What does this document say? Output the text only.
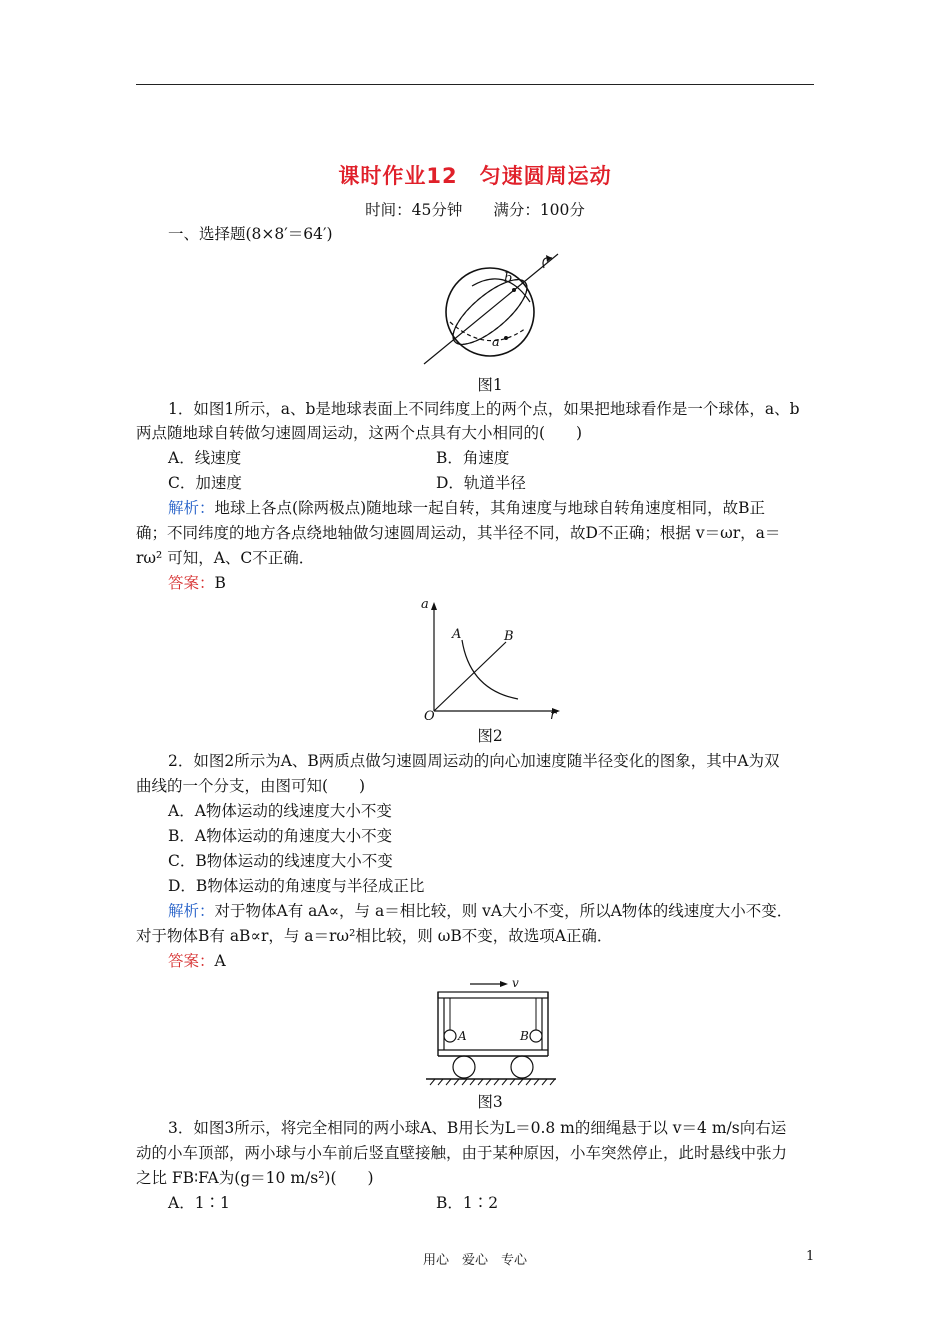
课时作业12　匀速圆周运动
时间：45分钟　　满分：100分
一、选择题(8×8′＝64′)
b
a
图1
1．如图1所示，a、b是地球表面上不同纬度上的两个点，如果把地球看作是一个球体，a、b
两点随地球自转做匀速圆周运动，这两个点具有大小相同的(　　)
A．线速度	B．角速度
C．加速度	D．轨道半径
解析：地球上各点(除两极点)随地球一起自转，其角速度与地球自转角速度相同，故B正
确；不同纬度的地方各点绕地轴做匀速圆周运动，其半径不同，故D不正确；根据 v＝ωr，a＝
rω² 可知，A、C不正确．
答案：B
a
r
O
A	B
图2
2．如图2所示为A、B两质点做匀速圆周运动的向心加速度随半径变化的图象，其中A为双
曲线的一个分支，由图可知(　　)
A．A物体运动的线速度大小不变
B．A物体运动的角速度大小不变
C．B物体运动的线速度大小不变
D．B物体运动的角速度与半径成正比
解析：对于物体A有 aA∝，与 a＝相比较，则 vA大小不变，所以A物体的线速度大小不变．
对于物体B有 aB∝r，与 a＝rω²相比较，则 ωB不变，故选项A正确．
答案：A
v
A	B
图3
3．如图3所示，将完全相同的两小球A、B用长为L＝0.8 m的细绳悬于以 v＝4 m/s向右运
动的小车顶部，两小球与小车前后竖直壁接触，由于某种原因，小车突然停止，此时悬线中张力
之比 FB∶FA为(g＝10 m/s²)(　　)
A．1∶1	B．1∶2
用心　爱心　专心	1
